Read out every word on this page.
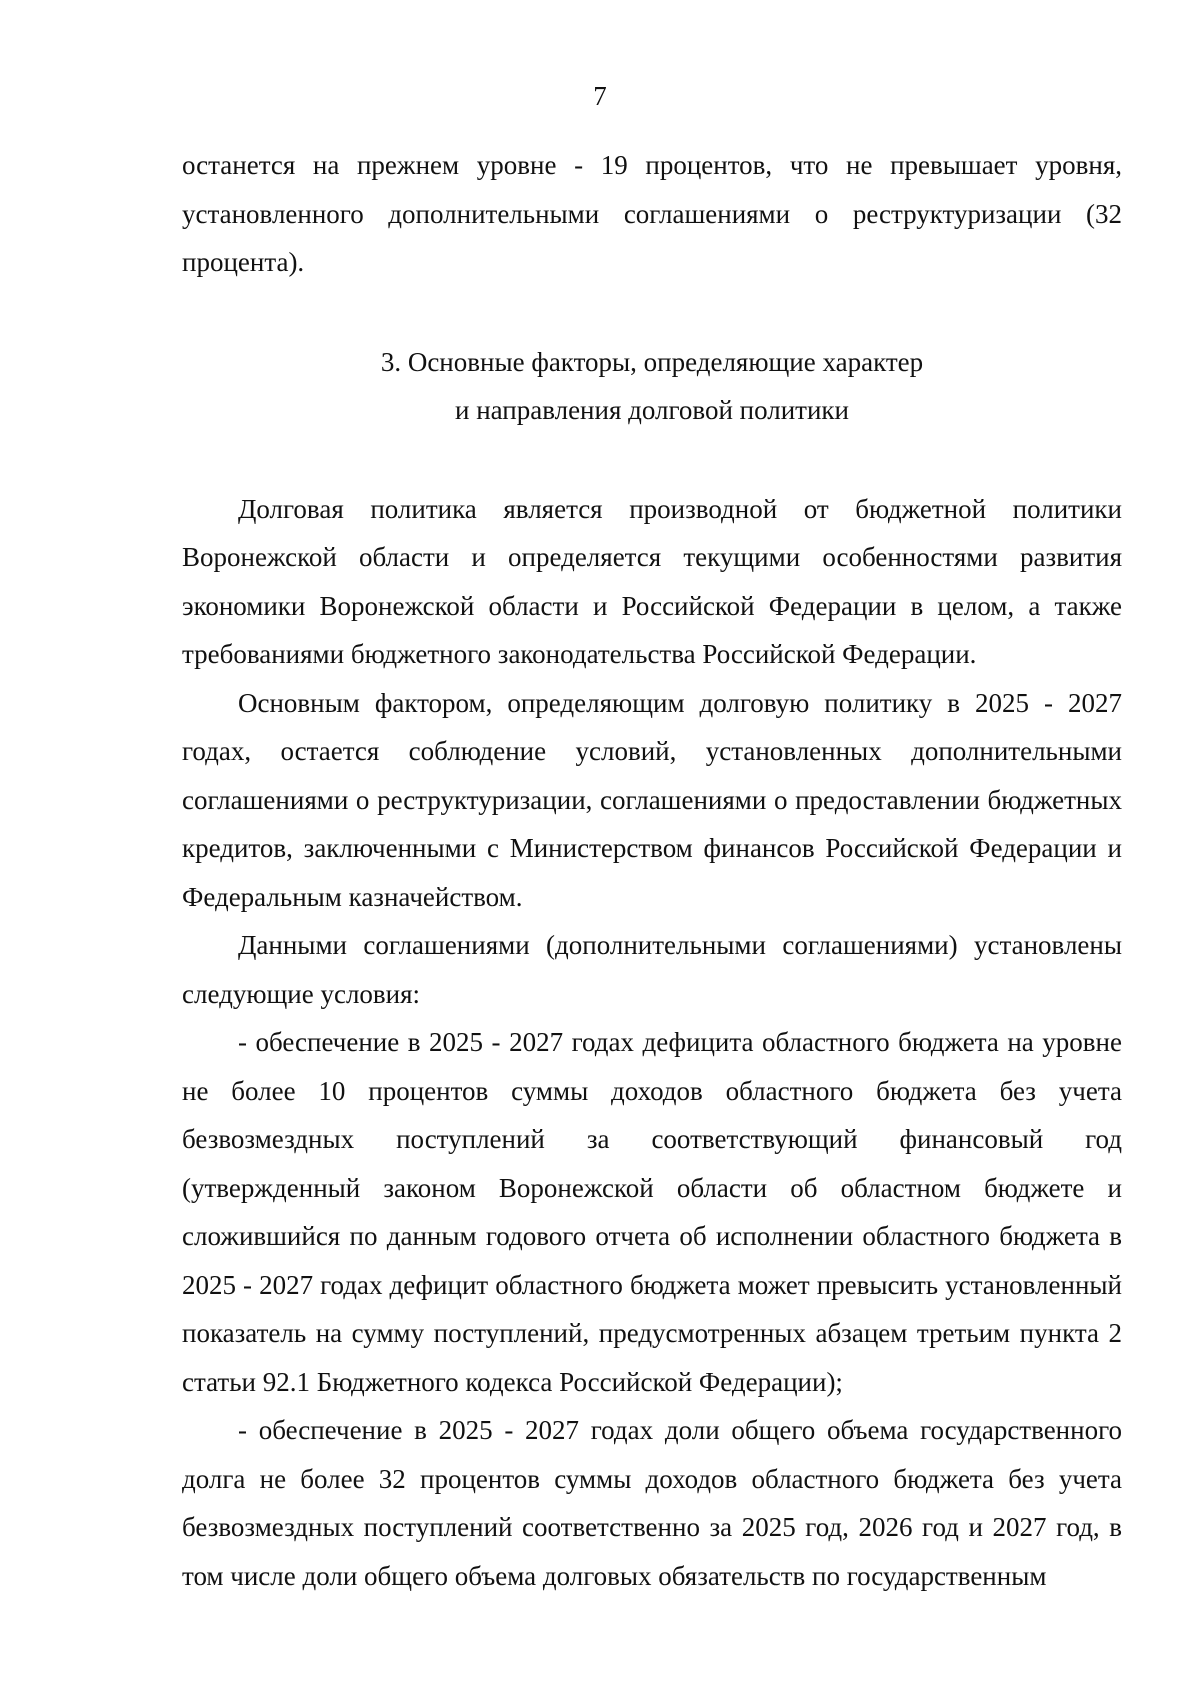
7

останется на прежнем уровне - 19 процентов, что не превышает уровня, установленного дополнительными соглашениями о реструктуризации (32 процента).

3. Основные факторы, определяющие характер

и направления долговой политики

Долговая политика является производной от бюджетной политики Воронежской области и определяется текущими особенностями развития экономики Воронежской области и Российской Федерации в целом, а также требованиями бюджетного законодательства Российской Федерации.

Основным фактором, определяющим долговую политику в 2025 - 2027 годах, остается соблюдение условий, установленных дополнительными соглашениями о реструктуризации, соглашениями о предоставлении бюджетных кредитов, заключенными с Министерством финансов Российской Федерации и Федеральным казначейством.

Данными соглашениями (дополнительными соглашениями) установлены следующие условия:

- обеспечение в 2025 - 2027 годах дефицита областного бюджета на уровне не более 10 процентов суммы доходов областного бюджета без учета безвозмездных поступлений за соответствующий финансовый год (утвержденный законом Воронежской области об областном бюджете и сложившийся по данным годового отчета об исполнении областного бюджета в 2025 - 2027 годах дефицит областного бюджета может превысить установленный показатель на сумму поступлений, предусмотренных абзацем третьим пункта 2 статьи 92.1 Бюджетного кодекса Российской Федерации);

- обеспечение в 2025 - 2027 годах доли общего объема государственного долга не более 32 процентов суммы доходов областного бюджета без учета безвозмездных поступлений соответственно за 2025 год, 2026 год и 2027 год, в том числе доли общего объема долговых обязательств по государственным
